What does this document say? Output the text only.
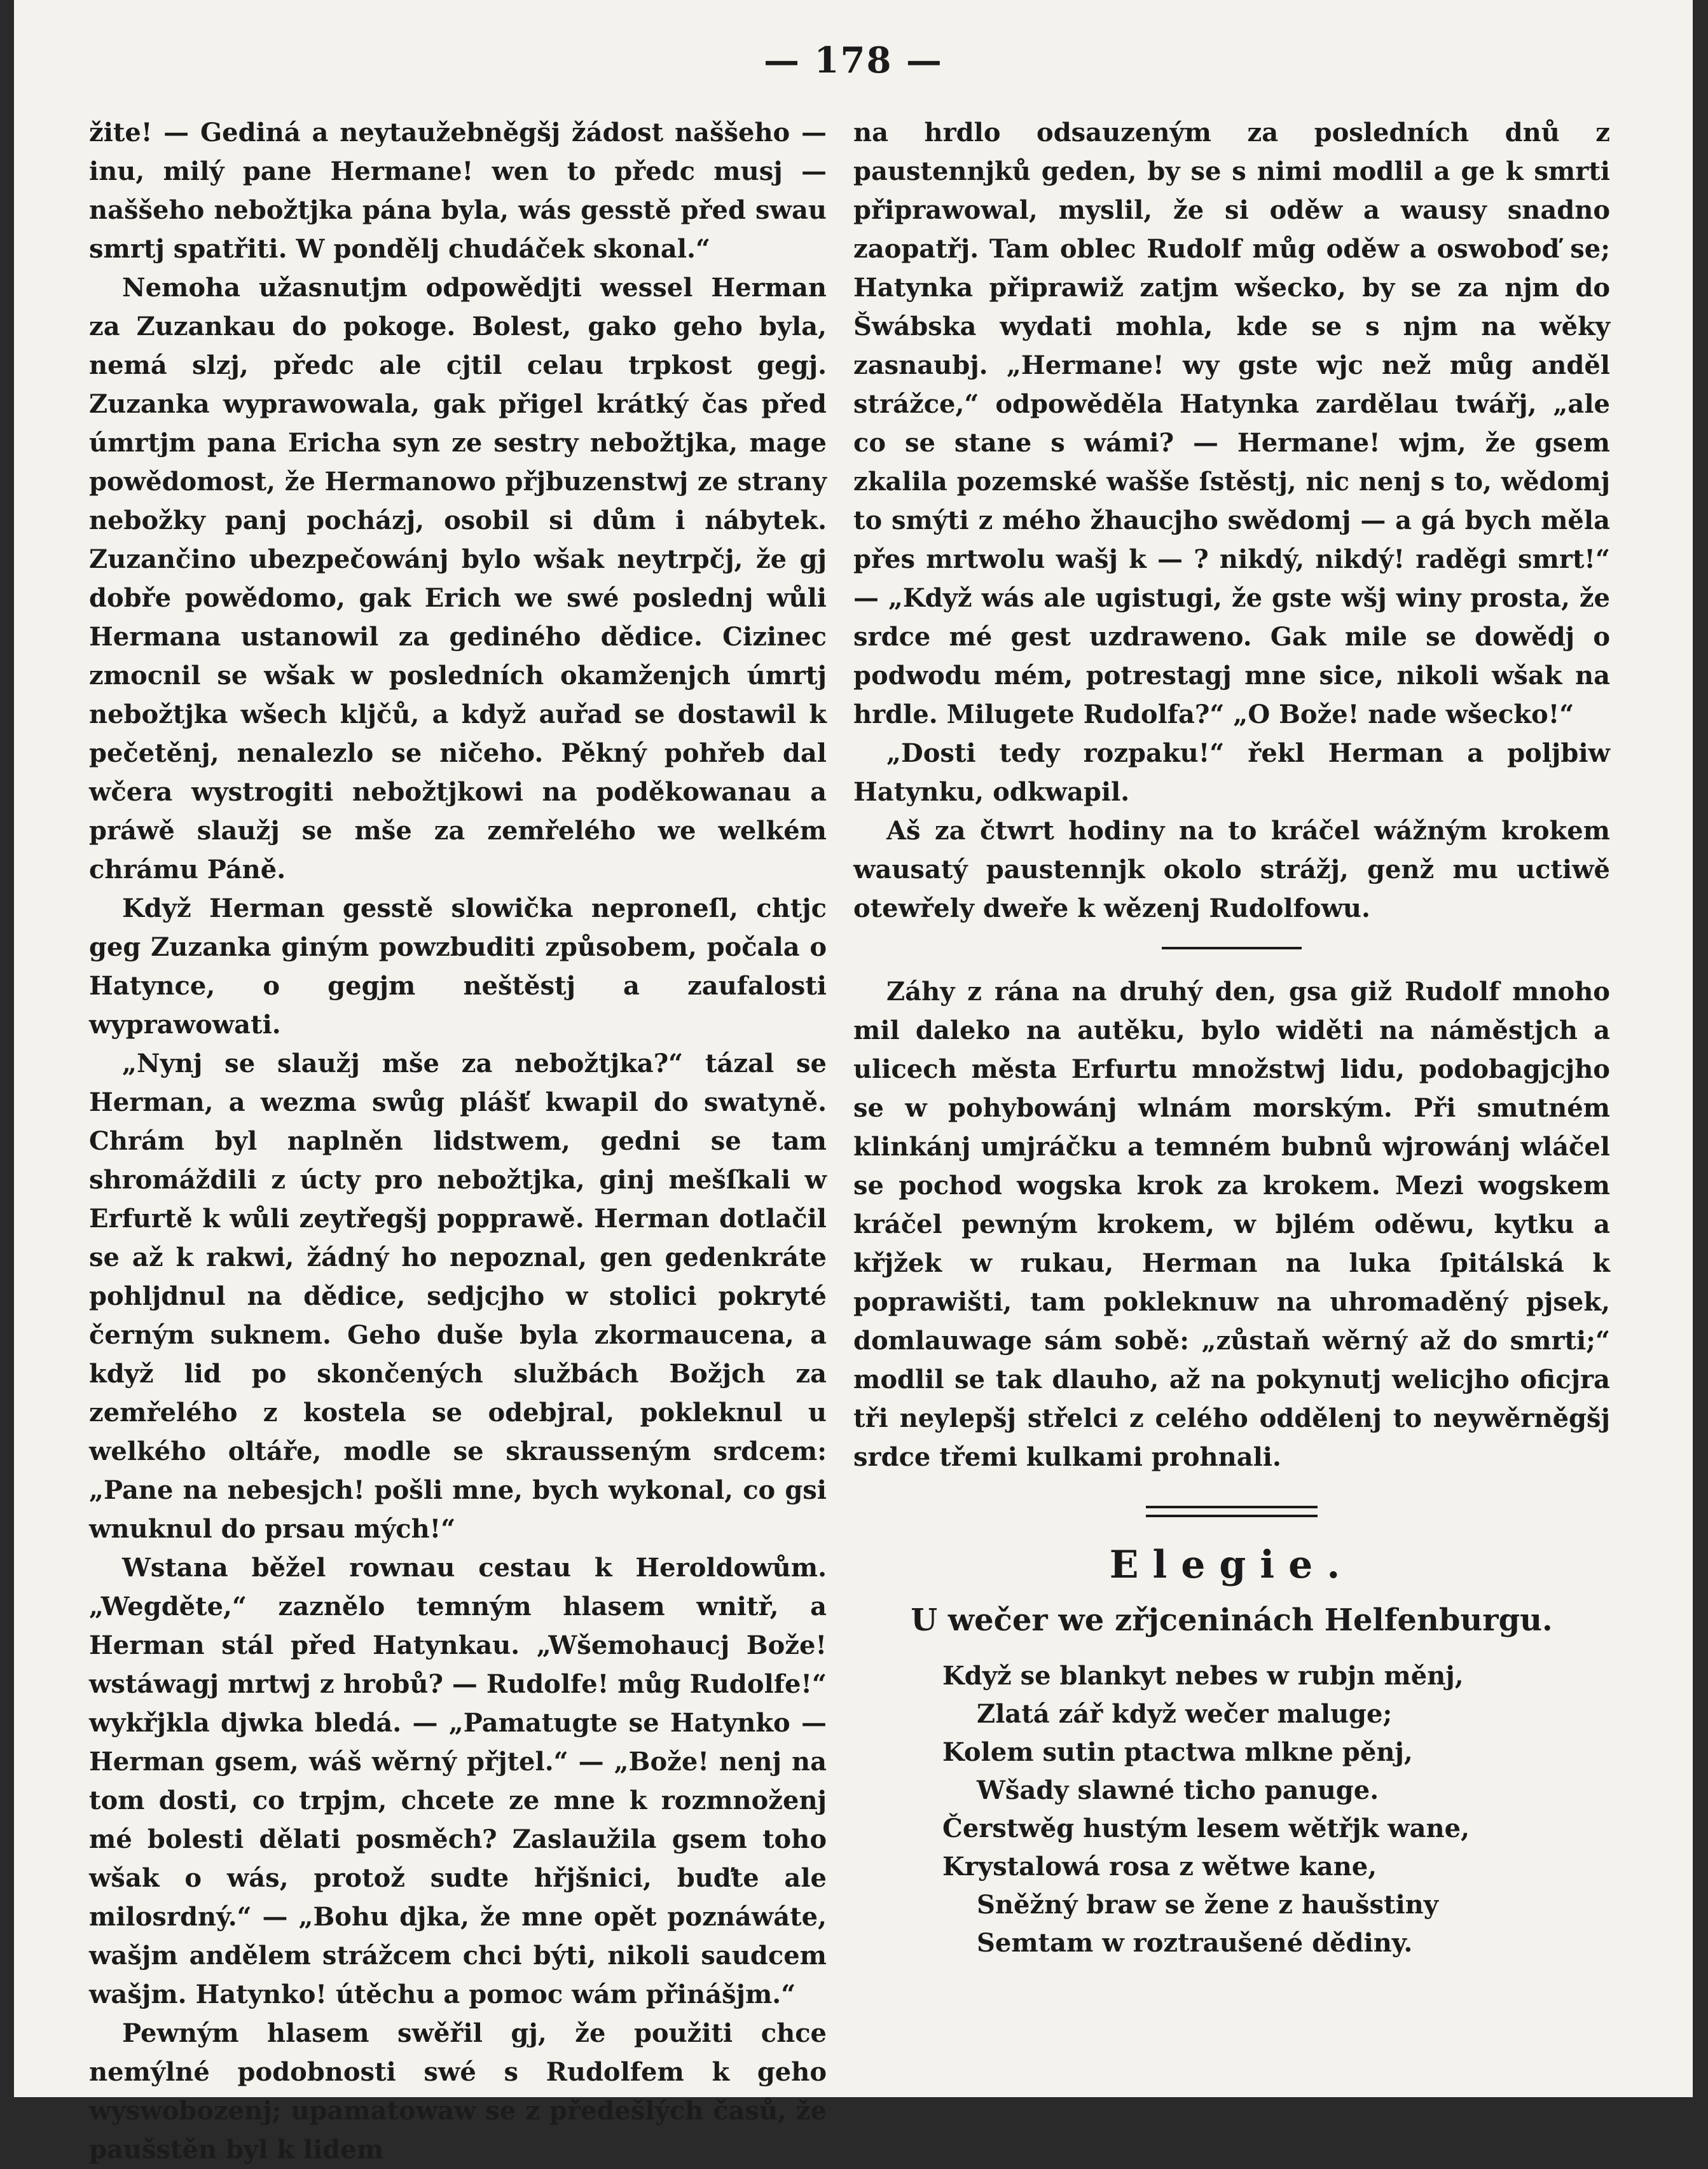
— 178 —

žite! — Gediná a neytaužebněgšj žádost naššeho — inu, milý pane Hermane! wen to předc musj — naššeho nebožtjka pána byla, wás gesstě před swau smrtj spatřiti. W pondělj chudáček skonal.“

Nemoha užasnutjm odpowědjti wessel Herman za Zuzankau do pokoge. Bolest, gako geho byla, nemá slzj, předc ale cjtil celau trpkost gegj. Zuzanka wyprawowala, gak přigel krátký čas před úmrtjm pana Ericha syn ze sestry nebožtjka, mage powědomost, že Hermanowo přjbuzenstwj ze strany nebožky panj pocházj, osobil si dům i nábytek. Zuzančino ubezpečowánj bylo wšak neytrpčj, že gj dobře powědomo, gak Erich we swé poslednj wůli Hermana ustanowil za gediného dědice. Cizinec zmocnil se wšak w posledních okamženjch úmrtj nebožtjka wšech kljčů, a když auřad se dostawil k pečetěnj, nenalezlo se ničeho. Pěkný pohřeb dal wčera wystrogiti nebožtjkowi na poděkowanau a práwě slaužj se mše za zemřelého we welkém chrámu Páně.

Když Herman gesstě slowička neproneſl, chtjc geg Zuzanka giným powzbuditi způsobem, počala o Hatynce, o gegjm neštěstj a zaufalosti wyprawowati.

„Nynj se slaužj mše za nebožtjka?“ tázal se Herman, a wezma swůg plášť kwapil do swatyně. Chrám byl naplněn lidstwem, gedni se tam shromáždili z úcty pro nebožtjka, ginj mešſkali w Erfurtě k wůli zeytřegšj popprawě. Herman dotlačil se až k rakwi, žádný ho nepoznal, gen gedenkráte pohljdnul na dědice, sedjcjho w stolici pokryté černým suknem. Geho duše byla zkormaucena, a když lid po skončených službách Božjch za zemřelého z kostela se odebjral, pokleknul u welkého oltáře, modle se skrausseným srdcem: „Pane na nebesjch! pošli mne, bych wykonal, co gsi wnuknul do prsau mých!“

Wstana běžel rownau cestau k Heroldowům. „Wegděte,“ zaznělo temným hlasem wnitř, a Herman stál před Hatynkau. „Wšemohaucj Bože! wstáwagj mrtwj z hrobů? — Rudolfe! můg Rudolfe!“ wykřjkla djwka bledá. — „Pamatugte se Hatynko — Herman gsem, wáš wěrný přjtel.“ — „Bože! nenj na tom dosti, co trpjm, chcete ze mne k rozmnoženj mé bolesti dělati posměch? Zaslaužila gsem toho wšak o wás, protož sudte hřjšnici, buďte ale milosrdný.“ — „Bohu djka, že mne opět poznáwáte, wašjm andělem strážcem chci býti, nikoli saudcem wašjm. Hatynko! útěchu a pomoc wám přinášjm.“

Pewným hlasem swěřil gj, že použiti chce nemýlné podobnosti swé s Rudolfem k geho wyswobozenj; upamatowaw se z předešlých časů, že paušstěn byl k lidem

na hrdlo odsauzeným za posledních dnů z paustennjků geden, by se s nimi modlil a ge k smrti připrawowal, myslil, že si oděw a wausy snadno zaopatřj. Tam oblec Rudolf můg oděw a oswoboď se; Hatynka připrawiž zatjm wšecko, by se za njm do Šwábska wydati mohla, kde se s njm na wěky zasnaubj. „Hermane! wy gste wjc než můg anděl strážce,“ odpowěděla Hatynka zardělau twářj, „ale co se stane s wámi? — Hermane! wjm, že gsem zkalila pozemské wašše ſstěstj, nic nenj s to, wědomj to smýti z mého žhaucjho swědomj — a gá bych měla přes mrtwolu wašj k — ? nikdý, nikdý! raděgi smrt!“ — „Když wás ale ugistugi, že gste wšj winy prosta, že srdce mé gest uzdraweno. Gak mile se dowědj o podwodu mém, potrestagj mne sice, nikoli wšak na hrdle. Milugete Rudolfa?“ „O Bože! nade wšecko!“

„Dosti tedy rozpaku!“ řekl Herman a poljbiw Hatynku, odkwapil.

Aš za čtwrt hodiny na to kráčel wážným krokem wausatý paustennjk okolo strážj, genž mu uctiwě otewřely dweře k wězenj Rudolfowu.

Záhy z rána na druhý den, gsa giž Rudolf mnoho mil daleko na autěku, bylo widěti na náměstjch a ulicech města Erfurtu množstwj lidu, podobagjcjho se w pohybowánj wlnám morským. Při smutném klinkánj umjráčku a temném bubnů wjrowánj wláčel se pochod wogska krok za krokem. Mezi wogskem kráčel pewným krokem, w bjlém oděwu, kytku a křjžek w rukau, Herman na luka ſpitálská k poprawišti, tam pokleknuw na uhromaděný pjsek, domlauwage sám sobě: „zůstaň wěrný až do smrti;“ modlil se tak dlauho, až na pokynutj welicjho oficjra tři neylepšj střelci z celého oddělenj to neywěrněgšj srdce třemi kulkami prohnali.

Elegie.
U wečer we zřjceninách Helfenburgu.
Když se blankyt nebes w rubjn měnj,
Zlatá zář když wečer maluge;
Kolem sutin ptactwa mlkne pěnj,
Wšady slawné ticho panuge.
Čerstwěg hustým lesem wětřjk wane,
Krystalowá rosa z wětwe kane,
Sněžný braw se žene z haušstiny
Semtam w roztraušené dědiny.
